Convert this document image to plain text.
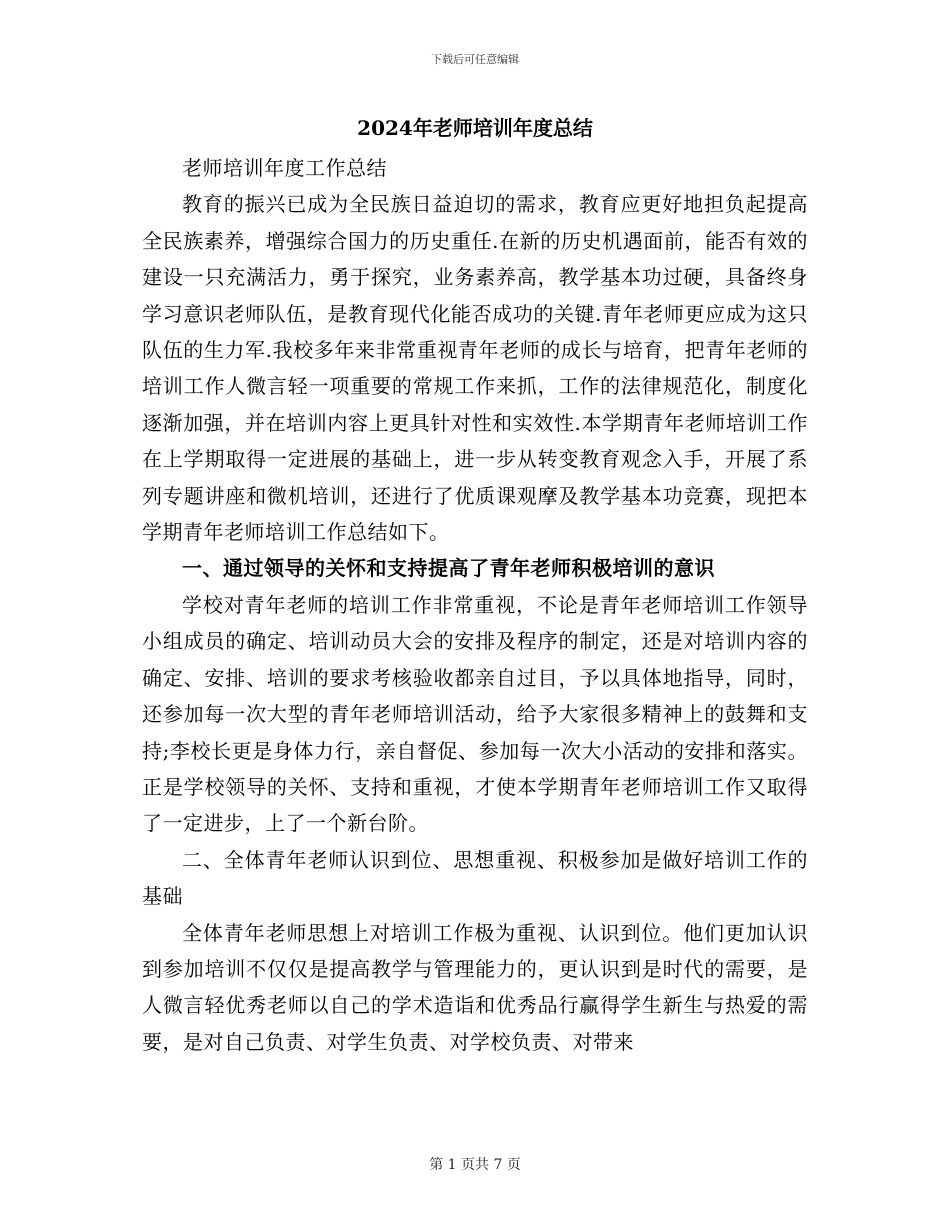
下载后可任意编辑
2024年老师培训年度总结

老师培训年度工作总结

教育的振兴已成为全民族日益迫切的需求，教育应更好地担负起提高全民族素养，增强综合国力的历史重任.在新的历史机遇面前，能否有效的建设一只充满活力，勇于探究，业务素养高，教学基本功过硬，具备终身学习意识老师队伍，是教育现代化能否成功的关键.青年老师更应成为这只队伍的生力军.我校多年来非常重视青年老师的成长与培育，把青年老师的培训工作人微言轻一项重要的常规工作来抓，工作的法律规范化，制度化逐渐加强，并在培训内容上更具针对性和实效性.本学期青年老师培训工作在上学期取得一定进展的基础上，进一步从转变教育观念入手，开展了系列专题讲座和微机培训，还进行了优质课观摩及教学基本功竞赛，现把本学期青年老师培训工作总结如下。

一、通过领导的关怀和支持提高了青年老师积极培训的意识

学校对青年老师的培训工作非常重视，不论是青年老师培训工作领导小组成员的确定、培训动员大会的安排及程序的制定，还是对培训内容的确定、安排、培训的要求考核验收都亲自过目，予以具体地指导，同时，还参加每一次大型的青年老师培训活动，给予大家很多精神上的鼓舞和支持;李校长更是身体力行，亲自督促、参加每一次大小活动的安排和落实。正是学校领导的关怀、支持和重视，才使本学期青年老师培训工作又取得了一定进步，上了一个新台阶。

二、全体青年老师认识到位、思想重视、积极参加是做好培训工作的基础

全体青年老师思想上对培训工作极为重视、认识到位。他们更加认识到参加培训不仅仅是提高教学与管理能力的，更认识到是时代的需要，是人微言轻优秀老师以自己的学术造诣和优秀品行赢得学生新生与热爱的需要，是对自己负责、对学生负责、对学校负责、对带来

第 1 页共 7 页
